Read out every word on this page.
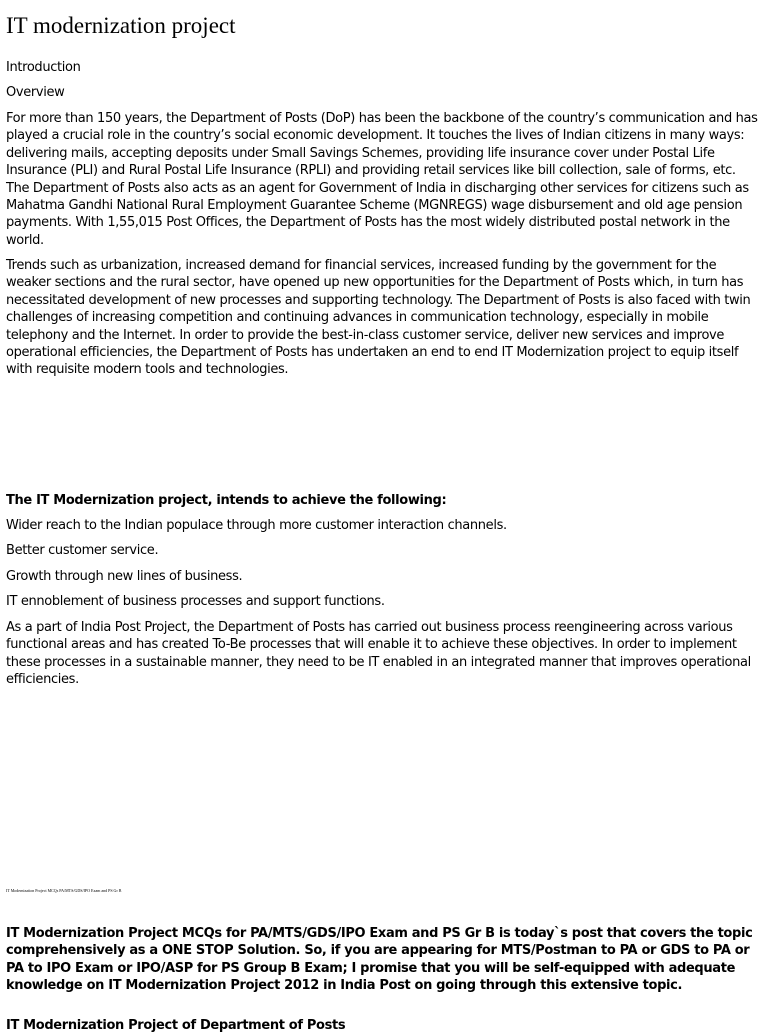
IT modernization project

Introduction

Overview

For more than 150 years, the Department of Posts (DoP) has been the backbone of the country’s communication and has played a crucial role in the country’s social economic development. It touches the lives of Indian citizens in many ways: delivering mails, accepting deposits under Small Savings Schemes, providing life insurance cover under Postal Life Insurance (PLI) and Rural Postal Life Insurance (RPLI) and providing retail services like bill collection, sale of forms, etc. The Department of Posts also acts as an agent for Government of India in discharging other services for citizens such as Mahatma Gandhi National Rural Employment Guarantee Scheme (MGNREGS) wage disbursement and old age pension payments. With 1,55,015 Post Offices, the Department of Posts has the most widely distributed postal network in the world.

Trends such as urbanization, increased demand for financial services, increased funding by the government for the weaker sections and the rural sector, have opened up new opportunities for the Department of Posts which, in turn has necessitated development of new processes and supporting technology. The Department of Posts is also faced with twin challenges of increasing competition and continuing advances in communication technology, especially in mobile telephony and the Internet. In order to provide the best-in-class customer service, deliver new services and improve operational efficiencies, the Department of Posts has undertaken an end to end IT Modernization project to equip itself with requisite modern tools and technologies.

The IT Modernization project, intends to achieve the following:

Wider reach to the Indian populace through more customer interaction channels.

Better customer service.

Growth through new lines of business.

IT ennoblement of business processes and support functions.

As a part of India Post Project, the Department of Posts has carried out business process reengineering across various functional areas and has created To-Be processes that will enable it to achieve these objectives. In order to implement these processes in a sustainable manner, they need to be IT enabled in an integrated manner that improves operational efficiencies.

IT Modernization Project MCQs PA/MTS/GDS/IPO Exam and PS Gr B

IT Modernization Project MCQs for PA/MTS/GDS/IPO Exam and PS Gr B is today`s post that covers the topic comprehensively as a ONE STOP Solution. So, if you are appearing for MTS/Postman to PA or GDS to PA or PA to IPO Exam or IPO/ASP for PS Group B Exam; I promise that you will be self-equipped with adequate knowledge on IT Modernization Project 2012 in India Post on going through this extensive topic.

IT Modernization Project of Department of Posts
